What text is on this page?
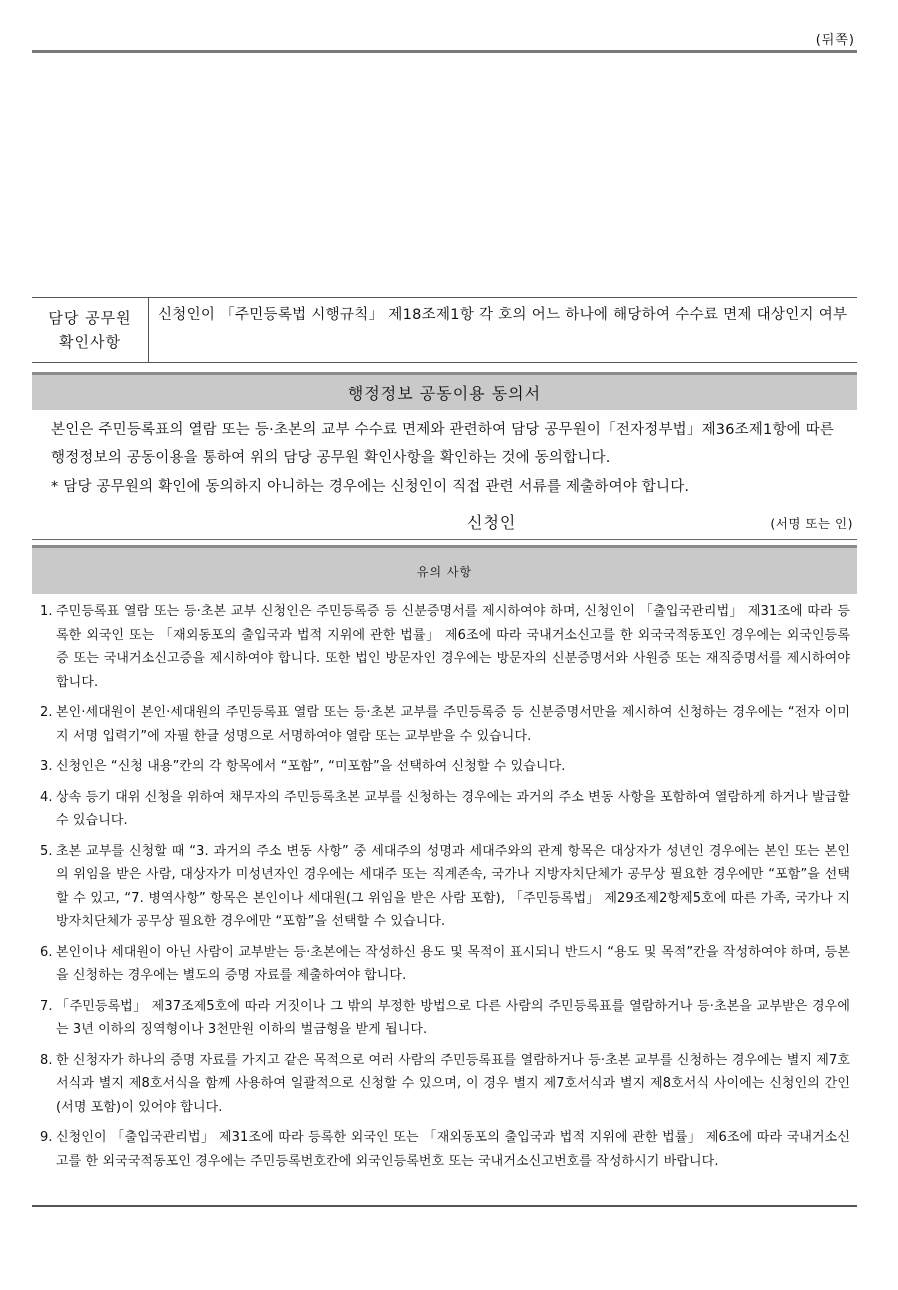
(뒤쪽)
담당 공무원
확인사항
신청인이 「주민등록법 시행규칙」 제18조제1항 각 호의 어느 하나에 해당하여 수수료 면제 대상인지 여부
행정정보 공동이용 동의서

본인은 주민등록표의 열람 또는 등·초본의 교부 수수료 면제와 관련하여 담당 공무원이「전자정부법」제36조제1항에 따른 행정정보의 공동이용을 통하여 위의 담당 공무원 확인사항을 확인하는 것에 동의합니다.

* 담당 공무원의 확인에 동의하지 아니하는 경우에는 신청인이 직접 관련 서류를 제출하여야 합니다.
신청인	(서명 또는 인)
유의 사항
1. 주민등록표 열람 또는 등·초본 교부 신청인은 주민등록증 등 신분증명서를 제시하여야 하며, 신청인이 「출입국관리법」 제31조에 따라 등록한 외국인 또는 「재외동포의 출입국과 법적 지위에 관한 법률」 제6조에 따라 국내거소신고를 한 외국국적동포인 경우에는 외국인등록증 또는 국내거소신고증을 제시하여야 합니다. 또한 법인 방문자인 경우에는 방문자의 신분증명서와 사원증 또는 재직증명서를 제시하여야 합니다.
2. 본인·세대원이 본인·세대원의 주민등록표 열람 또는 등·초본 교부를 주민등록증 등 신분증명서만을 제시하여 신청하는 경우에는 “전자 이미지 서명 입력기”에 자필 한글 성명으로 서명하여야 열람 또는 교부받을 수 있습니다.
3. 신청인은 “신청 내용”칸의 각 항목에서 “포함”, “미포함”을 선택하여 신청할 수 있습니다.
4. 상속 등기 대위 신청을 위하여 채무자의 주민등록초본 교부를 신청하는 경우에는 과거의 주소 변동 사항을 포함하여 열람하게 하거나 발급할 수 있습니다.
5. 초본 교부를 신청할 때 “3. 과거의 주소 변동 사항” 중 세대주의 성명과 세대주와의 관계 항목은 대상자가 성년인 경우에는 본인 또는 본인의 위임을 받은 사람, 대상자가 미성년자인 경우에는 세대주 또는 직계존속, 국가나 지방자치단체가 공무상 필요한 경우에만 “포함”을 선택할 수 있고, “7. 병역사항” 항목은 본인이나 세대원(그 위임을 받은 사람 포함), 「주민등록법」 제29조제2항제5호에 따른 가족, 국가나 지방자치단체가 공무상 필요한 경우에만 “포함”을 선택할 수 있습니다.
6. 본인이나 세대원이 아닌 사람이 교부받는 등·초본에는 작성하신 용도 및 목적이 표시되니 반드시 “용도 및 목적”칸을 작성하여야 하며, 등본을 신청하는 경우에는 별도의 증명 자료를 제출하여야 합니다.
7. 「주민등록법」 제37조제5호에 따라 거짓이나 그 밖의 부정한 방법으로 다른 사람의 주민등록표를 열람하거나 등·초본을 교부받은 경우에는 3년 이하의 징역형이나 3천만원 이하의 벌금형을 받게 됩니다.
8. 한 신청자가 하나의 증명 자료를 가지고 같은 목적으로 여러 사람의 주민등록표를 열람하거나 등·초본 교부를 신청하는 경우에는 별지 제7호서식과 별지 제8호서식을 함께 사용하여 일괄적으로 신청할 수 있으며, 이 경우 별지 제7호서식과 별지 제8호서식 사이에는 신청인의 간인(서명 포함)이 있어야 합니다.
9. 신청인이 「출입국관리법」 제31조에 따라 등록한 외국인 또는 「재외동포의 출입국과 법적 지위에 관한 법률」 제6조에 따라 국내거소신고를 한 외국국적동포인 경우에는 주민등록번호칸에 외국인등록번호 또는 국내거소신고번호를 작성하시기 바랍니다.
